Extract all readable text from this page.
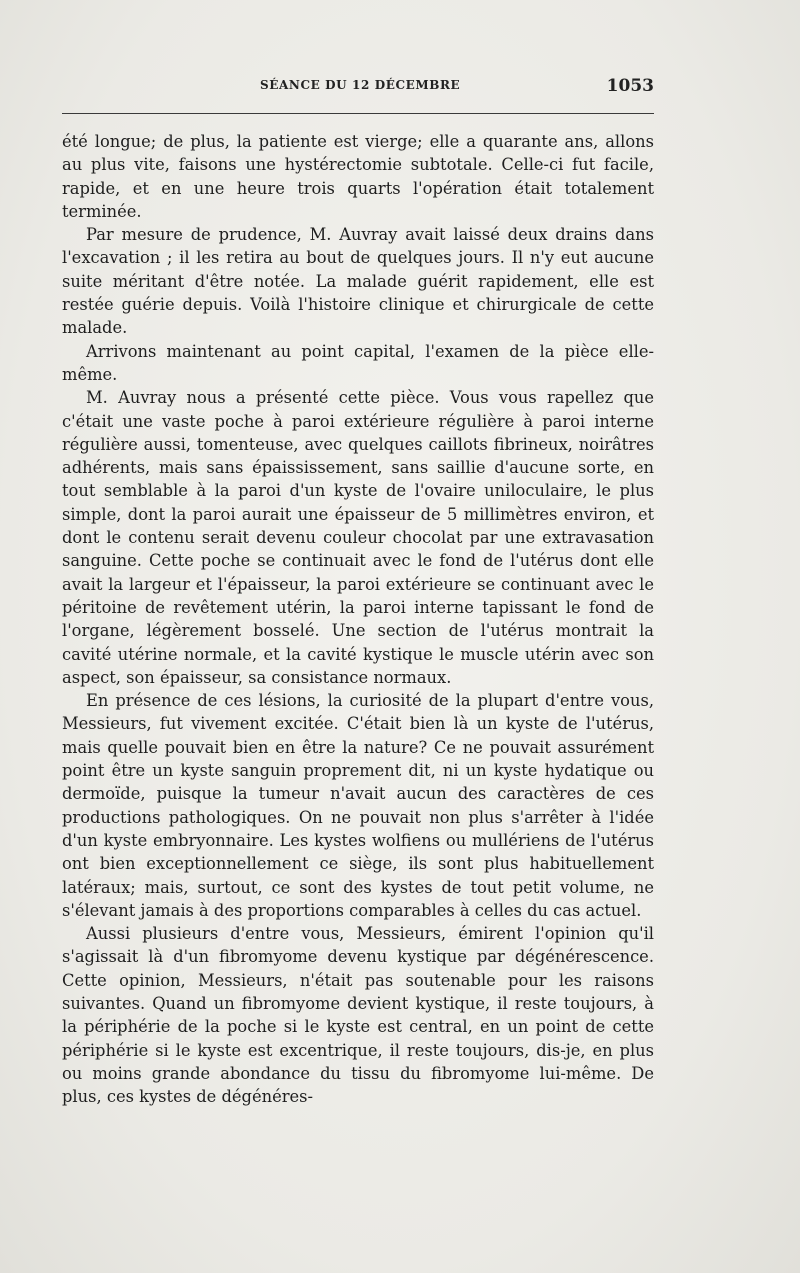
SÉANCE DU 12 DÉCEMBRE	1053

été longue; de plus, la patiente est vierge; elle a quarante ans, allons au plus vite, faisons une hystérectomie subtotale. Celle-ci fut facile, rapide, et en une heure trois quarts l'opération était totalement terminée.

Par mesure de prudence, M. Auvray avait laissé deux drains dans l'excavation ; il les retira au bout de quelques jours. Il n'y eut aucune suite méritant d'être notée. La malade guérit rapidement, elle est restée guérie depuis. Voilà l'histoire clinique et chirurgicale de cette malade.

Arrivons maintenant au point capital, l'examen de la pièce elle-même.

M. Auvray nous a présenté cette pièce. Vous vous rapellez que c'était une vaste poche à paroi extérieure régulière à paroi interne régulière aussi, tomenteuse, avec quelques caillots fibrineux, noirâtres adhérents, mais sans épaississement, sans saillie d'aucune sorte, en tout semblable à la paroi d'un kyste de l'ovaire uniloculaire, le plus simple, dont la paroi aurait une épaisseur de 5 millimètres environ, et dont le contenu serait devenu couleur chocolat par une extravasation sanguine. Cette poche se continuait avec le fond de l'utérus dont elle avait la largeur et l'épaisseur, la paroi extérieure se continuant avec le péritoine de revêtement utérin, la paroi interne tapissant le fond de l'organe, légèrement bosselé. Une section de l'utérus montrait la cavité utérine normale, et la cavité kystique le muscle utérin avec son aspect, son épaisseur, sa consistance normaux.

En présence de ces lésions, la curiosité de la plupart d'entre vous, Messieurs, fut vivement excitée. C'était bien là un kyste de l'utérus, mais quelle pouvait bien en être la nature? Ce ne pouvait assurément point être un kyste sanguin proprement dit, ni un kyste hydatique ou dermoïde, puisque la tumeur n'avait aucun des caractères de ces productions pathologiques. On ne pouvait non plus s'arrêter à l'idée d'un kyste embryonnaire. Les kystes wolfiens ou mullériens de l'utérus ont bien exceptionnellement ce siège, ils sont plus habituellement latéraux; mais, surtout, ce sont des kystes de tout petit volume, ne s'élevant jamais à des proportions comparables à celles du cas actuel.

Aussi plusieurs d'entre vous, Messieurs, émirent l'opinion qu'il s'agissait là d'un fibromyome devenu kystique par dégénérescence. Cette opinion, Messieurs, n'était pas soutenable pour les raisons suivantes. Quand un fibromyome devient kystique, il reste toujours, à la périphérie de la poche si le kyste est central, en un point de cette périphérie si le kyste est excentrique, il reste toujours, dis-je, en plus ou moins grande abondance du tissu du fibromyome lui-même. De plus, ces kystes de dégénéres-
